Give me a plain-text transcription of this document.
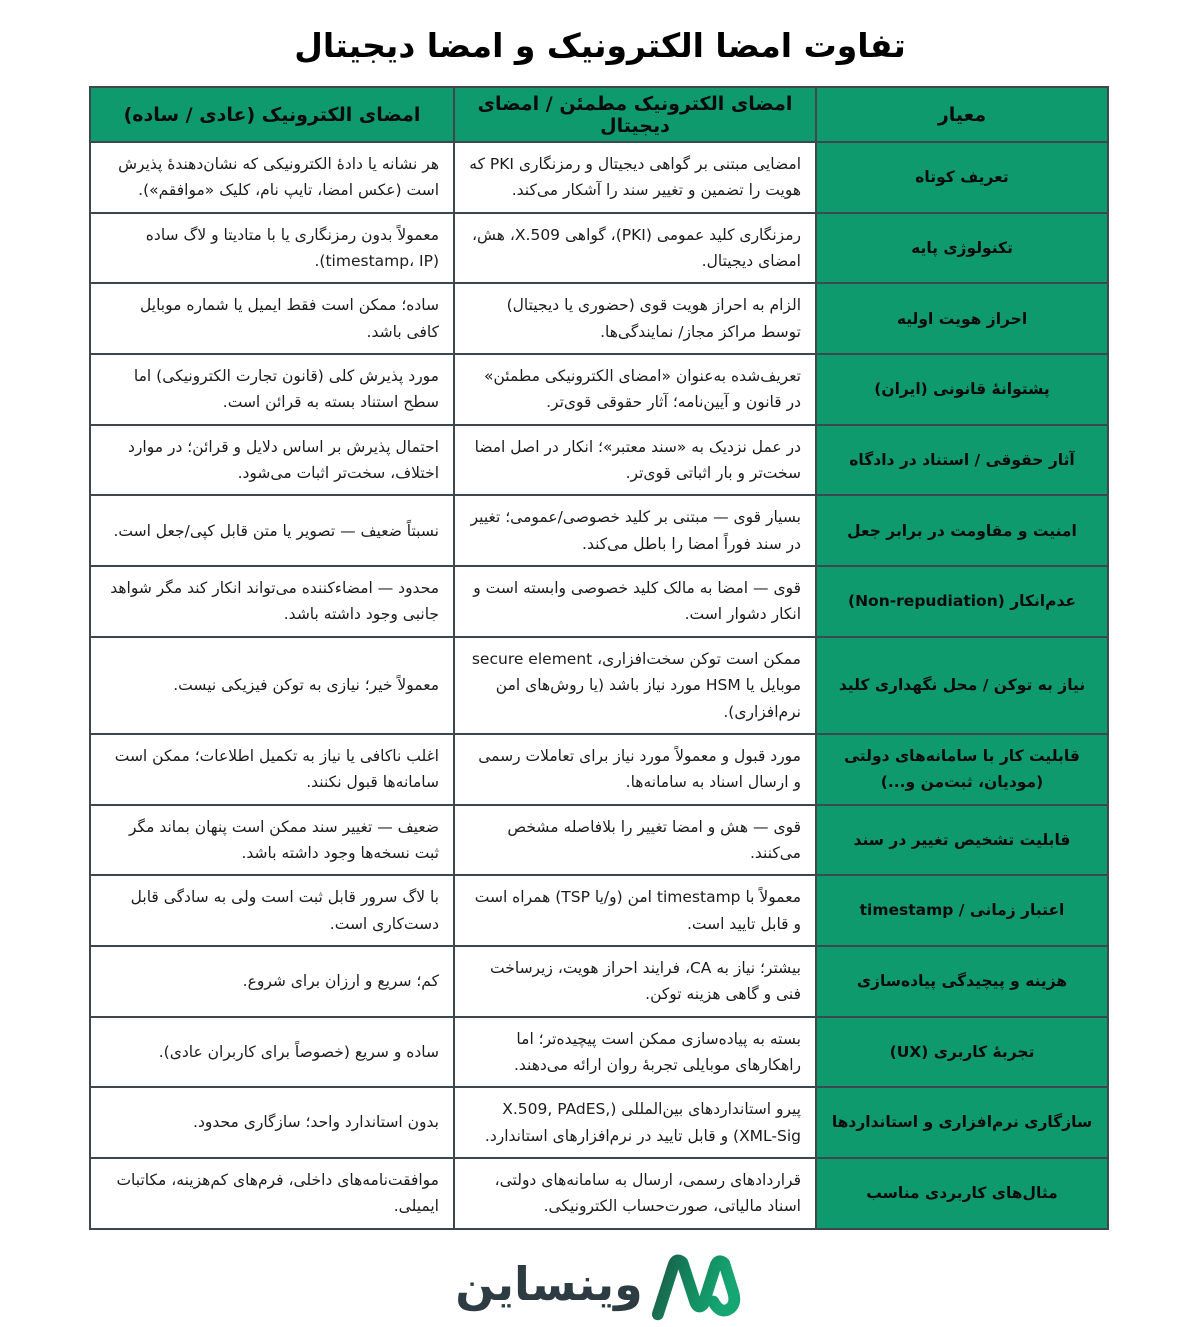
تفاوت امضا الکترونیک و امضا دیجیتال
معیار	امضای الکترونیک مطمئن / امضای دیجیتال	امضای الکترونیک (عادی / ساده)
تعریف کوتاه	امضایی مبتنی بر گواهی دیجیتال و رمزنگاری PKI که هویت را تضمین و تغییر سند را آشکار می‌کند.	هر نشانه یا دادهٔ الکترونیکی که نشان‌دهندهٔ پذیرش است (عکس امضا، تایپ نام، کلیک «موافقم»).
تکنولوژی پایه	رمزنگاری کلید عمومی (PKI)، گواهی X.509، هش، امضای دیجیتال.	معمولاً بدون رمزنگاری یا با متادیتا و لاگ ساده (timestamp، IP).
احراز هویت اولیه	الزام به احراز هویت قوی (حضوری یا دیجیتال) توسط مراکز مجاز/ نمایندگی‌ها.	ساده؛ ممکن است فقط ایمیل یا شماره موبایل کافی باشد.
پشتوانهٔ قانونی (ایران)	تعریف‌شده به‌عنوان «امضای الکترونیکی مطمئن» در قانون و آیین‌نامه؛ آثار حقوقی قوی‌تر.	مورد پذیرش کلی (قانون تجارت الکترونیکی) اما سطح استناد بسته به قرائن است.
آثار حقوقی / استناد در دادگاه	در عمل نزدیک به «سند معتبر»؛ انکار در اصل امضا سخت‌تر و بار اثباتی قوی‌تر.	احتمال پذیرش بر اساس دلایل و قرائن؛ در موارد اختلاف، سخت‌تر اثبات می‌شود.
امنیت و مقاومت در برابر جعل	بسیار قوی — مبتنی بر کلید خصوصی/عمومی؛ تغییر در سند فوراً امضا را باطل می‌کند.	نسبتاً ضعیف — تصویر یا متن قابل کپی/جعل است.
عدم‌انکار (Non-repudiation)	قوی — امضا به مالک کلید خصوصی وابسته است و انکار دشوار است.	محدود — امضاءکننده می‌تواند انکار کند مگر شواهد جانبی وجود داشته باشد.
نیاز به توکن / محل نگهداری کلید	ممکن است توکن سخت‌افزاری، secure element موبایل یا HSM مورد نیاز باشد (یا روش‌های امن نرم‌افزاری).	معمولاً خیر؛ نیازی به توکن فیزیکی نیست.
قابلیت کار با سامانه‌های دولتی (مودیان، ثبت‌من و...)	مورد قبول و معمولاً مورد نیاز برای تعاملات رسمی و ارسال اسناد به سامانه‌ها.	اغلب ناکافی یا نیاز به تکمیل اطلاعات؛ ممکن است سامانه‌ها قبول نکنند.
قابلیت تشخیص تغییر در سند	قوی — هش و امضا تغییر را بلافاصله مشخص می‌کنند.	ضعیف — تغییر سند ممکن است پنهان بماند مگر ثبت نسخه‌ها وجود داشته باشد.
اعتبار زمانی / timestamp	معمولاً با timestamp امن (و/یا TSP) همراه است و قابل تایید است.	با لاگ سرور قابل ثبت است ولی به سادگی قابل دست‌کاری است.
هزینه و پیچیدگی پیاده‌سازی	بیشتر؛ نیاز به CA، فرایند احراز هویت، زیرساخت فنی و گاهی هزینه توکن.	کم؛ سریع و ارزان برای شروع.
تجربهٔ کاربری (UX)	بسته به پیاده‌سازی ممکن است پیچیده‌تر؛ اما راهکارهای موبایلی تجربهٔ روان ارائه می‌دهند.	ساده و سریع (خصوصاً برای کاربران عادی).
سازگاری نرم‌افزاری و استانداردها	پیرو استانداردهای بین‌المللی (X.509, PAdES, XML-Sig) و قابل تایید در نرم‌افزارهای استاندارد.	بدون استاندارد واحد؛ سازگاری محدود.
مثال‌های کاربردی مناسب	قراردادهای رسمی، ارسال به سامانه‌های دولتی، اسناد مالیاتی، صورت‌حساب الکترونیکی.	موافقت‌نامه‌های داخلی، فرم‌های کم‌هزینه، مکاتبات ایمیلی.
وینساین
